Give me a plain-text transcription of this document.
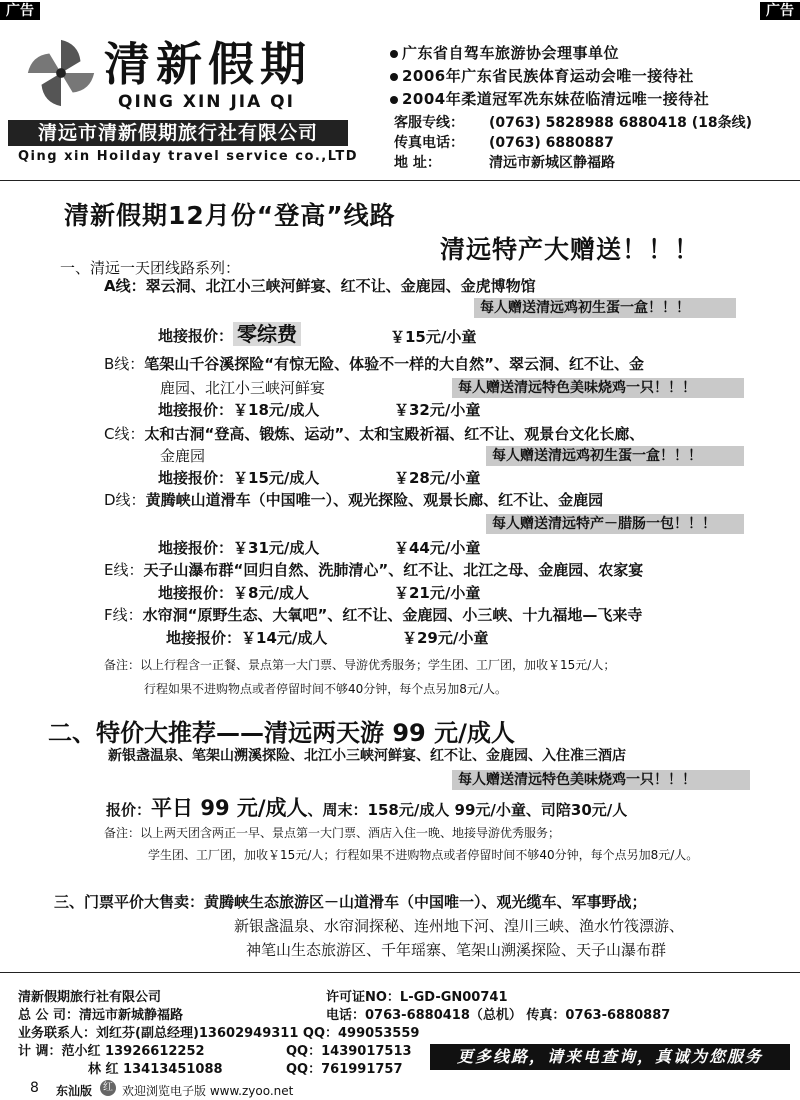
广告	广告
清新假期
QING XIN JIA QI
清远市清新假期旅行社有限公司
Qing xin Hoilday travel service co.,LTD
广东省自驾车旅游协会理事单位
2006年广东省民族体育运动会唯一接待社
2004年柔道冠军冼东妹莅临清远唯一接待社
客服专线： (0763) 5828988 6880418 (18条线)
传真电话： (0763) 6880887
地 址：	清远市新城区静福路
清新假期12月份“登高”线路
清远特产大赠送！！！
一、清远一天团线路系列：
A线：翠云洞、北江小三峡河鲜宴、红不让、金鹿园、金虎博物馆
每人赠送清远鸡初生蛋一盒！！！
地接报价： 零综费	￥15元/小童
B线：笔架山千谷溪探险“有惊无险、体验不一样的大自然”、翠云洞、红不让、金
鹿园、北江小三峡河鲜宴	每人赠送清远特色美味烧鸡一只！！！
地接报价：￥18元/成人	￥32元/小童
C线：太和古洞“登高、锻炼、运动”、太和宝殿祈福、红不让、观景台文化长廊、
金鹿园	每人赠送清远鸡初生蛋一盒！！！
地接报价：￥15元/成人	￥28元/小童
D线：黄腾峡山道滑车（中国唯一）、观光探险、观景长廊、红不让、金鹿园
每人赠送清远特产－腊肠一包！！！
地接报价：￥31元/成人	￥44元/小童
E线：天子山瀑布群“回归自然、洗肺清心”、红不让、北江之母、金鹿园、农家宴
地接报价：￥8元/成人	￥21元/小童
F线：水帘洞“原野生态、大氧吧”、红不让、金鹿园、小三峡、十九福地—飞来寺
地接报价：￥14元/成人	￥29元/小童
备注：以上行程含一正餐、景点第一大门票、导游优秀服务；学生团、工厂团，加收￥15元/人；
行程如果不进购物点或者停留时间不够40分钟，每个点另加8元/人。
二、特价大推荐——清远两天游 99 元/成人
新银盏温泉、笔架山溯溪探险、北江小三峡河鲜宴、红不让、金鹿园、入住准三酒店
每人赠送清远特色美味烧鸡一只！！！
报价：平日 99 元/成人、周末：158元/成人 99元/小童、司陪30元/人
备注：以上两天团含两正一早、景点第一大门票、酒店入住一晚、地接导游优秀服务；
学生团、工厂团，加收￥15元/人；行程如果不进购物点或者停留时间不够40分钟，每个点另加8元/人。
三、门票平价大售卖：黄腾峡生态旅游区－山道滑车（中国唯一）、观光缆车、军事野战；
新银盏温泉、水帘洞探秘、连州地下河、湟川三峡、渔水竹筏漂游、
神笔山生态旅游区、千年瑶寨、笔架山溯溪探险、天子山瀑布群
清新假期旅行社有限公司	许可证NO：L-GD-GN00741
总 公 司：清远市新城静福路	电话：0763-6880418（总机） 传真：0763-6880887
业务联系人：刘红芬(副总经理)13602949311 QQ：499053559
计 调：范小红 13926612252	QQ：1439017513
林 红 13413451088	QQ：761991757
更多线路，请来电查询，真诚为您服务
8 东汕版	红 欢迎浏览电子版 www.zyoo.net
